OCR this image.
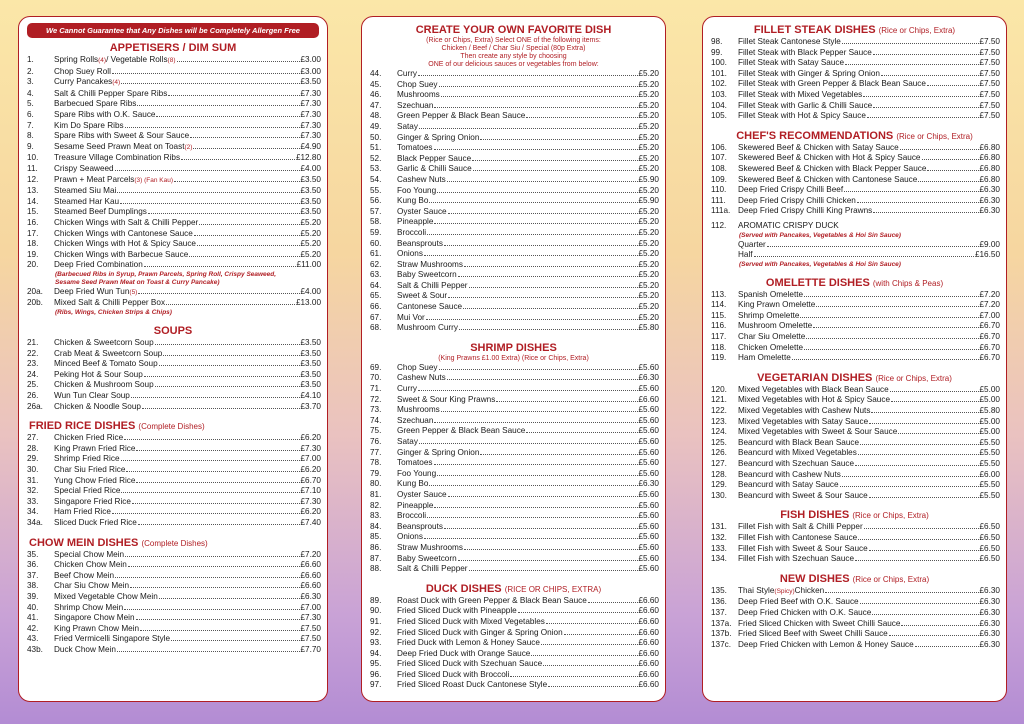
We Cannot Guarantee that Any Dishes will be Completely Allergen Free
APPETISERS / DIM SUM
1.	Spring Rolls (4) / Vegetable Rolls (8)	£3.00
2.	Chop Suey Roll	£3.00
3.	Curry Pancakes (4)	£3.50
4.	Salt & Chilli Pepper Spare Ribs	£7.30
5.	Barbecued Spare Ribs	£7.30
6.	Spare Ribs with O.K. Sauce	£7.30
7.	Kim Do Spare Ribs	£7.30
8.	Spare Ribs with Sweet & Sour Sauce	£7.30
9.	Sesame Seed Prawn Meat on Toast (2)	£4.90
10.	Treasure Village Combination Ribs	£12.80
11.	Crispy Seaweed	£4.00
12.	Prawn + Meat Parcels (3) (Fan Kau)	£3.50
13.	Steamed Siu Mai	£3.50
14.	Steamed Har Kau	£3.50
15.	Steamed Beef Dumplings	£3.50
16.	Chicken Wings with Salt & Chilli Pepper	£5.20
17.	Chicken Wings with Cantonese Sauce	£5.20
18.	Chicken Wings with Hot & Spicy Sauce	£5.20
19.	Chicken Wings with Barbecue Sauce	£5.20
20.	Deep Fried Combination	£11.00
(Barbecued Ribs in Syrup, Prawn Parcels, Spring Roll, Crispy Seaweed,
Sesame Seed Prawn Meat on Toast & Curry Pancake)
20a.	Deep Fried Wun Tun (5)	£4.00
20b.	Mixed Salt & Chilli Pepper Box	£13.00
(Ribs, Wings, Chicken Strips & Chips)
SOUPS
21.	Chicken & Sweetcorn Soup	£3.50
22.	Crab Meat & Sweetcorn Soup	£3.50
23.	Minced Beef & Tomato Soup	£3.50
24.	Peking Hot & Sour Soup	£3.50
25.	Chicken & Mushroom Soup	£3.50
26.	Wun Tun Clear Soup	£4.10
26a.	Chicken & Noodle Soup	£3.70
FRIED RICE DISHES (Complete Dishes)
27.	Chicken Fried Rice	£6.20
28.	King Prawn Fried Rice	£7.30
29.	Shrimp Fried Rice	£7.00
30.	Char Siu Fried Rice	£6.20
31.	Yung Chow Fried Rice	£6.70
32.	Special Fried Rice	£7.10
33.	Singapore Fried Rice	£7.30
34.	Ham Fried Rice	£6.20
34a.	Sliced Duck Fried Rice	£7.40
CHOW MEIN DISHES (Complete Dishes)
35.	Special Chow Mein	£7.20
36.	Chicken Chow Mein	£6.60
37.	Beef Chow Mein	£6.60
38.	Char Siu Chow Mein	£6.60
39.	Mixed Vegetable Chow Mein	£6.30
40.	Shrimp Chow Mein	£7.00
41.	Singapore Chow Mein	£7.30
42.	King Prawn Chow Mein	£7.50
43.	Fried Vermicelli Singapore Style	£7.50
43b.	Duck Chow Mein	£7.70
CREATE YOUR OWN FAVORITE DISH
(Rice or Chips, Extra) Select ONE of the following items:
Chicken / Beef / Char Siu / Special (80p Extra)
Then create any style by choosing
ONE of our delicious sauces or vegetables from below:
44.	Curry	£5.20
45.	Chop Suey	£5.20
46.	Mushrooms	£5.20
47.	Szechuan	£5.20
48.	Green Pepper & Black Bean Sauce	£5.20
49.	Satay	£5.20
50.	Ginger & Spring Onion	£5.20
51.	Tomatoes	£5.20
52.	Black Pepper Sauce	£5.20
53.	Garlic & Chilli Sauce	£5.20
54.	Cashew Nuts	£5.90
55.	Foo Young	£5.20
56.	Kung Bo	£5.90
57.	Oyster Sauce	£5.20
58.	Pineapple	£5.20
59.	Broccoli	£5.20
60.	Beansprouts	£5.20
61.	Onions	£5.20
62.	Straw Mushrooms	£5.20
63.	Baby Sweetcorn	£5.20
64.	Salt & Chilli Pepper	£5.20
65.	Sweet & Sour	£5.20
66.	Cantonese Sauce	£5.20
67.	Mui Vor	£5.20
68.	Mushroom Curry	£5.80
SHRIMP DISHES
(King Prawns £1.00 Extra) (Rice or Chips, Extra)
69.	Chop Suey	£5.60
70.	Cashew Nuts	£6.30
71.	Curry	£5.60
72.	Sweet & Sour King Prawns	£6.60
73.	Mushrooms	£5.60
74.	Szechuan	£5.60
75.	Green Pepper & Black Bean Sauce	£5.60
76.	Satay	£5.60
77.	Ginger & Spring Onion	£5.60
78.	Tomatoes	£5.60
79.	Foo Young	£5.60
80.	Kung Bo	£6.30
81.	Oyster Sauce	£5.60
82.	Pineapple	£5.60
83.	Broccoli	£5.60
84.	Beansprouts	£5.60
85.	Onions	£5.60
86.	Straw Mushrooms	£5.60
87.	Baby Sweetcorn	£5.60
88.	Salt & Chilli Pepper	£5.60
DUCK DISHES (RICE OR CHIPS, EXTRA)
89.	Roast Duck with Green Pepper & Black Bean Sauce	£6.60
90.	Fried Sliced Duck with Pineapple	£6.60
91.	Fried Sliced Duck with Mixed Vegetables	£6.60
92.	Fried Sliced Duck with Ginger & Spring Onion	£6.60
93.	Fried Duck with Lemon & Honey Sauce	£6.60
94.	Deep Fried Duck with Orange Sauce	£6.60
95.	Fried Sliced Duck with Szechuan Sauce	£6.60
96.	Fried Sliced Duck with Broccoli	£6.60
97.	Fried Sliced Roast Duck Cantonese Style	£6.60
FILLET STEAK DISHES (Rice or Chips, Extra)
98.	Fillet Steak Cantonese Style	£7.50
99.	Fillet Steak with Black Pepper Sauce	£7.50
100.	Fillet Steak with Satay Sauce	£7.50
101.	Fillet Steak with Ginger & Spring Onion	£7.50
102.	Fillet Steak with Green Pepper & Black Bean Sauce	£7.50
103.	Fillet Steak with Mixed Vegetables	£7.50
104.	Fillet Steak with Garlic & Chilli Sauce	£7.50
105.	Fillet Steak with Hot & Spicy Sauce	£7.50
CHEF'S RECOMMENDATIONS (Rice or Chips, Extra)
106.	Skewered Beef & Chicken with Satay Sauce	£6.80
107.	Skewered Beef & Chicken with Hot & Spicy Sauce	£6.80
108.	Skewered Beef & Chicken with Black Pepper Sauce	£6.80
109.	Skewered Beef & Chicken with Cantonese Sauce	£6.80
110.	Deep Fried Crispy Chilli Beef	£6.30
111.	Deep Fried Crispy Chilli Chicken	£6.30
111a. Deep Fried Crispy Chilli King Prawns	£6.30
112.	AROMATIC CRISPY DUCK
(Served with Pancakes, Vegetables & Hoi Sin Sauce)
Quarter	£9.00
Half	£16.50
(Served with Pancakes, Vegetables & Hoi Sin Sauce)
OMELETTE DISHES (with Chips & Peas)
113.	Spanish Omelette	£7.20
114.	King Prawn Omelette	£7.20
115.	Shrimp Omelette	£7.00
116.	Mushroom Omelette	£6.70
117.	Char Siu Omelette	£6.70
118.	Chicken Omelette	£6.70
119.	Ham Omelette	£6.70
VEGETARIAN DISHES (Rice or Chips, Extra)
120.	Mixed Vegetables with Black Bean Sauce	£5.00
121.	Mixed Vegetables with Hot & Spicy Sauce	£5.00
122.	Mixed Vegetables with Cashew Nuts	£5.80
123.	Mixed Vegetables with Satay Sauce	£5.00
124.	Mixed Vegetables with Sweet & Sour Sauce	£5.00
125.	Beancurd with Black Bean Sauce	£5.50
126.	Beancurd with Mixed Vegetables	£5.50
127.	Beancurd with Szechuan Sauce	£5.50
128.	Beancurd with Cashew Nuts	£6.00
129.	Beancurd with Satay Sauce	£5.50
130.	Beancurd with Sweet & Sour Sauce	£5.50
FISH DISHES (Rice or Chips, Extra)
131.	Fillet Fish with Salt & Chilli Pepper	£6.50
132.	Fillet Fish with Cantonese Sauce	£6.50
133.	Fillet Fish with Sweet & Sour Sauce	£6.50
134.	Fillet Fish with Szechuan Sauce	£6.50
NEW DISHES (Rice or Chips, Extra)
135.	Thai Style (Spicy) Chicken	£6.30
136.	Deep Fried Beef with O.K. Sauce	£6.30
137.	Deep Fried Chicken with O.K. Sauce	£6.30
137a. Fried Sliced Chicken with Sweet Chilli Sauce	£6.30
137b. Fried Sliced Beef with Sweet Chilli Sauce	£6.30
137c. Deep Fried Chicken with Lemon & Honey Sauce	£6.30
